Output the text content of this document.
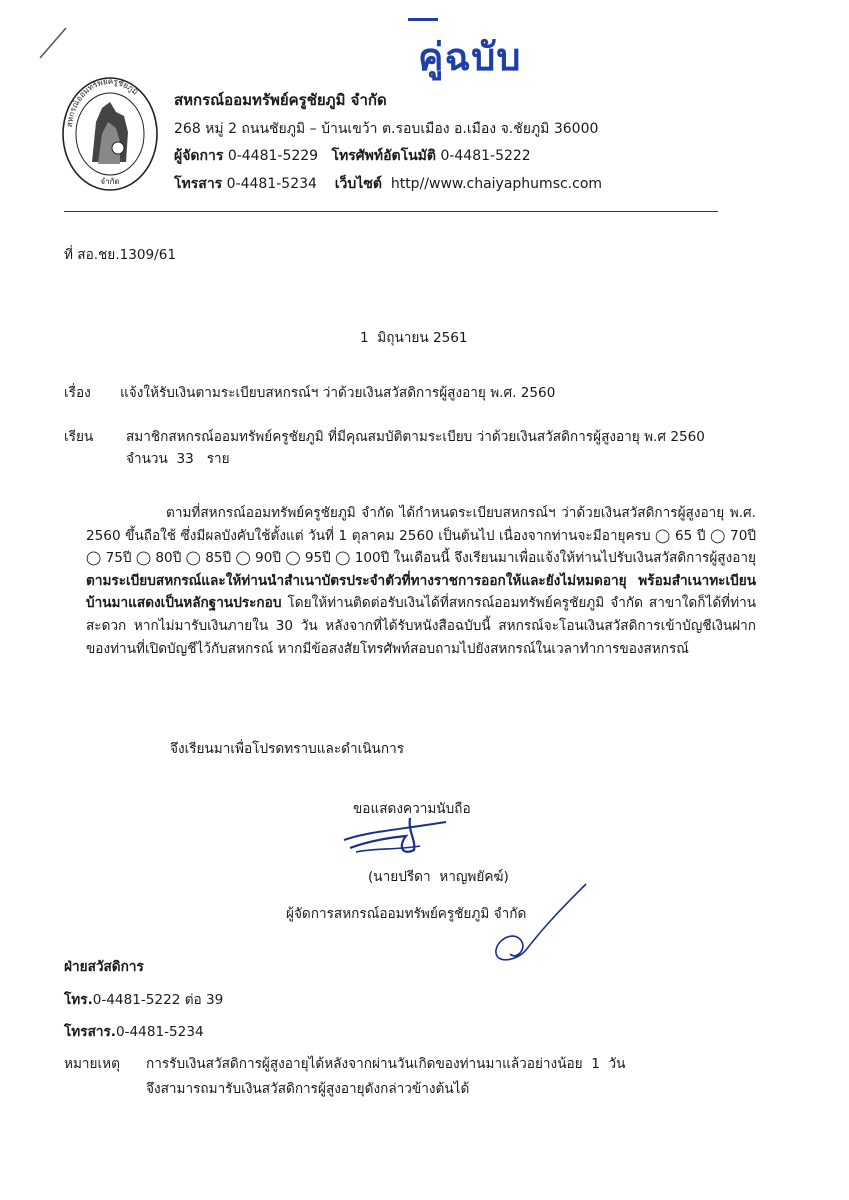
คู่ฉบับ
สหกรณ์ออมทรัพย์ครูชัยภูมิ
จำกัด
สหกรณ์ออมทรัพย์ครูชัยภูมิ จำกัด
268 หมู่ 2 ถนนชัยภูมิ – บ้านเขว้า ต.รอบเมือง อ.เมือง จ.ชัยภูมิ 36000
ผู้จัดการ 0-4481-5229 โทรศัพท์อัตโนมัติ 0-4481-5222
โทรสาร 0-4481-5234 เว็บไซต์ http//www.chaiyaphumsc.com
ที่ สอ.ชย.1309/61
1  มิถุนายน 2561
เรื่อง แจ้งให้รับเงินตามระเบียบสหกรณ์ฯ ว่าด้วยเงินสวัสดิการผู้สูงอายุ พ.ศ. 2560
เรียน สมาชิกสหกรณ์ออมทรัพย์ครูชัยภูมิ ที่มีคุณสมบัติตามระเบียบ ว่าด้วยเงินสวัสดิการผู้สูงอายุ พ.ศ 2560
จำนวน  33   ราย
ตามที่สหกรณ์ออมทรัพย์ครูชัยภูมิ จำกัด ได้กำหนดระเบียบสหกรณ์ฯ ว่าด้วยเงินสวัสดิการผู้สูงอายุ พ.ศ. 2560 ขึ้นถือใช้ ซึ่งมีผลบังคับใช้ตั้งแต่ วันที่ 1 ตุลาคม 2560 เป็นต้นไป เนื่องจากท่านจะมีอายุครบ ◯ 65 ปี ◯ 70ปี ◯ 75ปี ◯ 80ปี ◯ 85ปี ◯ 90ปี ◯ 95ปี ◯ 100ปี ในเดือนนี้ จึงเรียนมาเพื่อแจ้งให้ท่านไปรับเงินสวัสดิการผู้สูงอายุ ตามระเบียบสหกรณ์และให้ท่านนำสำเนาบัตรประจำตัวที่ทางราชการออกให้และยังไม่หมดอายุ พร้อมสำเนาทะเบียนบ้านมาแสดงเป็นหลักฐานประกอบ โดยให้ท่านติดต่อรับเงินได้ที่สหกรณ์ออมทรัพย์ครูชัยภูมิ จำกัด สาขาใดก็ได้ที่ท่านสะดวก หากไม่มารับเงินภายใน 30 วัน หลังจากที่ได้รับหนังสือฉบับนี้ สหกรณ์จะโอนเงินสวัสดิการเข้าบัญชีเงินฝากของท่านที่เปิดบัญชีไว้กับสหกรณ์ หากมีข้อสงสัยโทรศัพท์สอบถามไปยังสหกรณ์ในเวลาทำการของสหกรณ์
จึงเรียนมาเพื่อโปรดทราบและดำเนินการ
ขอแสดงความนับถือ
(นายปรีดา  หาญพยัคฆ์)
ผู้จัดการสหกรณ์ออมทรัพย์ครูชัยภูมิ จำกัด
ฝ่ายสวัสดิการ
โทร.0-4481-5222 ต่อ 39
โทรสาร.0-4481-5234
หมายเหตุ การรับเงินสวัสดิการผู้สูงอายุได้หลังจากผ่านวันเกิดของท่านมาแล้วอย่างน้อย  1  วัน
จึงสามารถมารับเงินสวัสดิการผู้สูงอายุดังกล่าวข้างต้นได้
